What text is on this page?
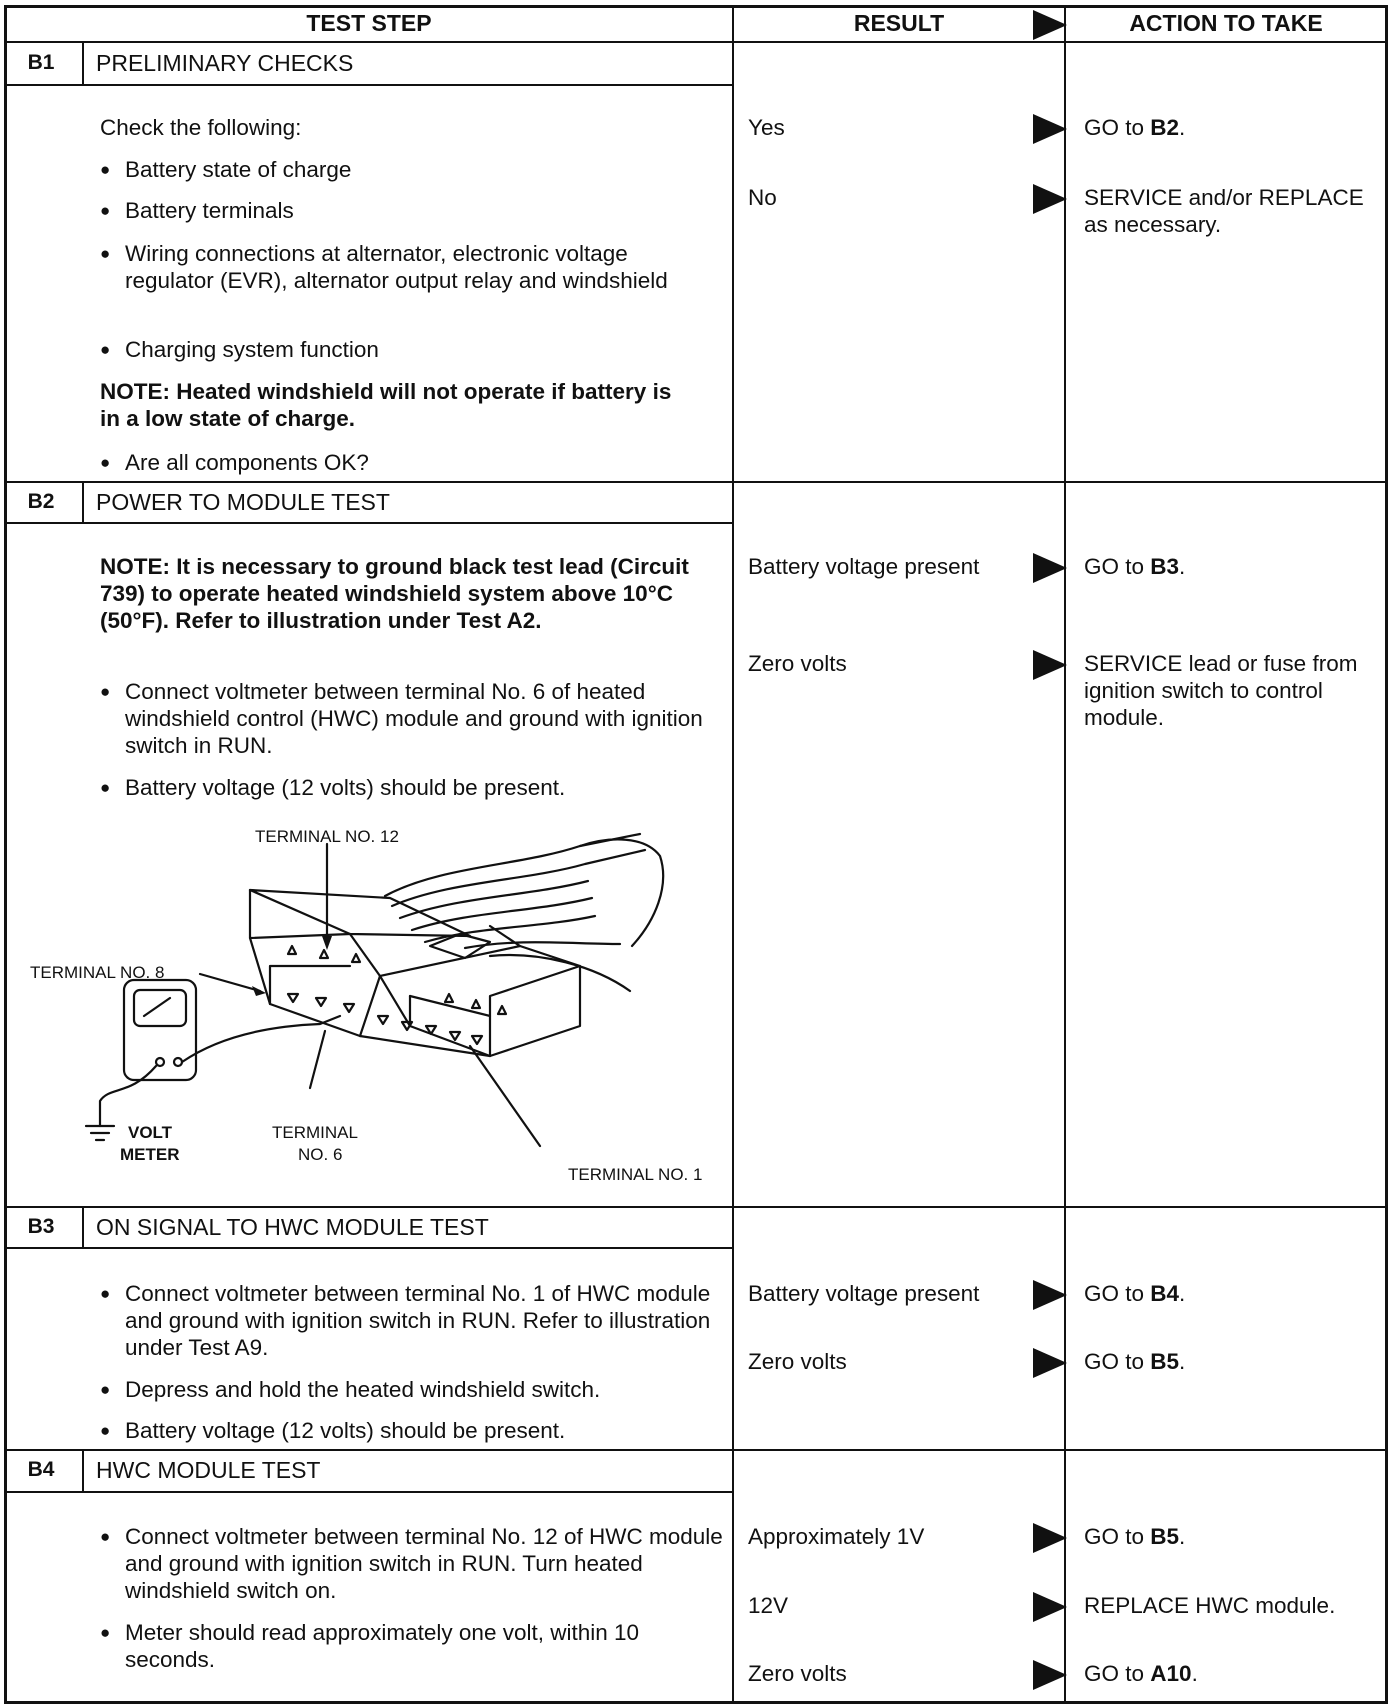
TEST STEP	RESULT	ACTION TO TAKE
B1	PRELIMINARY CHECKS

Check the following:

● Battery state of charge

● Battery terminals

● Wiring connections at alternator, electronic voltage regulator (EVR), alternator output relay and windshield

● Charging system function

NOTE: Heated windshield will not operate if battery is in a low state of charge.

● Are all components OK?

Yes	GO to B2.

No	SERVICE and/or REPLACE as necessary.

B2	POWER TO MODULE TEST

NOTE: It is necessary to ground black test lead (Circuit 739) to operate heated windshield system above 10°C (50°F). Refer to illustration under Test A2.

● Connect voltmeter between terminal No. 6 of heated windshield control (HWC) module and ground with ignition switch in RUN.

● Battery voltage (12 volts) should be present.

Battery voltage present	GO to B3.

Zero volts	SERVICE lead or fuse from ignition switch to control module.

TERMINAL NO. 12
TERMINAL NO. 8
VOLT
METER
TERMINAL
NO. 6
TERMINAL NO. 1
B3	ON SIGNAL TO HWC MODULE TEST

● Connect voltmeter between terminal No. 1 of HWC module and ground with ignition switch in RUN. Refer to illustration under Test A9.

● Depress and hold the heated windshield switch.

● Battery voltage (12 volts) should be present.

Battery voltage present	GO to B4.

Zero volts	GO to B5.

B4	HWC MODULE TEST

● Connect voltmeter between terminal No. 12 of HWC module and ground with ignition switch in RUN. Turn heated windshield switch on.

● Meter should read approximately one volt, within 10 seconds.

Approximately 1V	GO to B5.

12V	REPLACE HWC module.

Zero volts	GO to A10.
